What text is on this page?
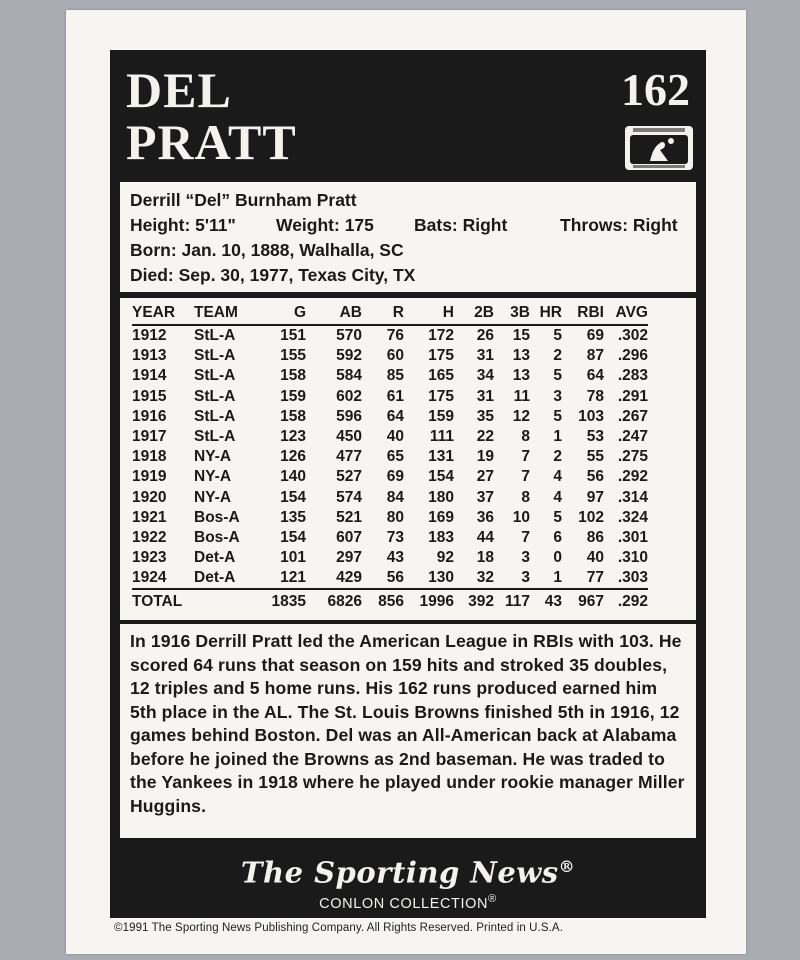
DEL
PRATT
162
Derrill “Del” Burnham Pratt
Height: 5'11" Weight: 175 Bats: Right	Throws: Right
Born: Jan. 10, 1888, Walhalla, SC
Died: Sep. 30, 1977, Texas City, TX
YEAR	TEAM	G	AB	R	H	2B	3B	HR	RBI	AVG
1912	StL-A	151	570	76	172	26	15	5	69	.302
1913	StL-A	155	592	60	175	31	13	2	87	.296
1914	StL-A	158	584	85	165	34	13	5	64	.283
1915	StL-A	159	602	61	175	31	11	3	78	.291
1916	StL-A	158	596	64	159	35	12	5	103	.267
1917	StL-A	123	450	40	111	22	8	1	53	.247
1918	NY-A	126	477	65	131	19	7	2	55	.275
1919	NY-A	140	527	69	154	27	7	4	56	.292
1920	NY-A	154	574	84	180	37	8	4	97	.314
1921	Bos-A	135	521	80	169	36	10	5	102	.324
1922	Bos-A	154	607	73	183	44	7	6	86	.301
1923	Det-A	101	297	43	92	18	3	0	40	.310
1924	Det-A	121	429	56	130	32	3	1	77	.303
TOTAL		1835	6826	856	1996	392	117	43	967	.292
In 1916 Derrill Pratt led the American League in RBIs with 103. He scored 64 runs that season on 159 hits and stroked 35 doubles, 12 triples and 5 home runs. His 162 runs produced earned him 5th place in the AL. The St. Louis Browns finished 5th in 1916, 12 games behind Boston. Del was an All-American back at Alabama before he joined the Browns as 2nd baseman. He was traded to the Yankees in 1918 where he played under rookie manager Miller Huggins.
The Sporting News®
CONLON COLLECTION®
©1991 The Sporting News Publishing Company. All Rights Reserved. Printed in U.S.A.
